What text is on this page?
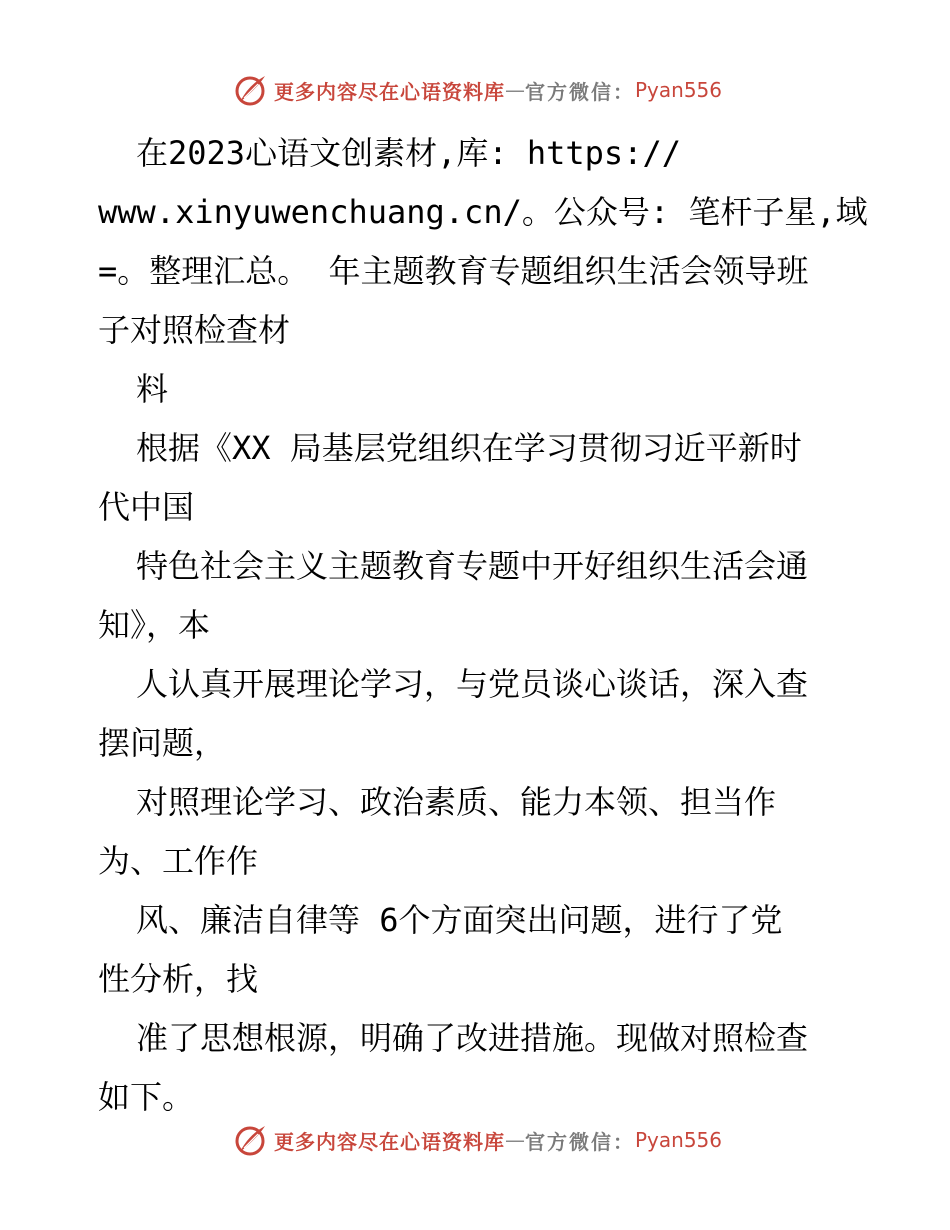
更多内容尽在心语资料库 — 官方微信： Pyan556
在2023心语文创素材,库: https://
www.xinyuwenchuang.cn/。公众号: 笔杆子星,域
=。整理汇总。 年主题教育专题组织生活会领导班
子对照检查材
料
根据《XX 局基层党组织在学习贯彻习近平新时
代中国
特色社会主义主题教育专题中开好组织生活会通
知》，本
人认真开展理论学习，与党员谈心谈话，深入查
摆问题，
对照理论学习、政治素质、能力本领、担当作
为、工作作
风、廉洁自律等 6个方面突出问题，进行了党
性分析，找
准了思想根源，明确了改进措施。现做对照检查
如下。
更多内容尽在心语资料库 — 官方微信： Pyan556
